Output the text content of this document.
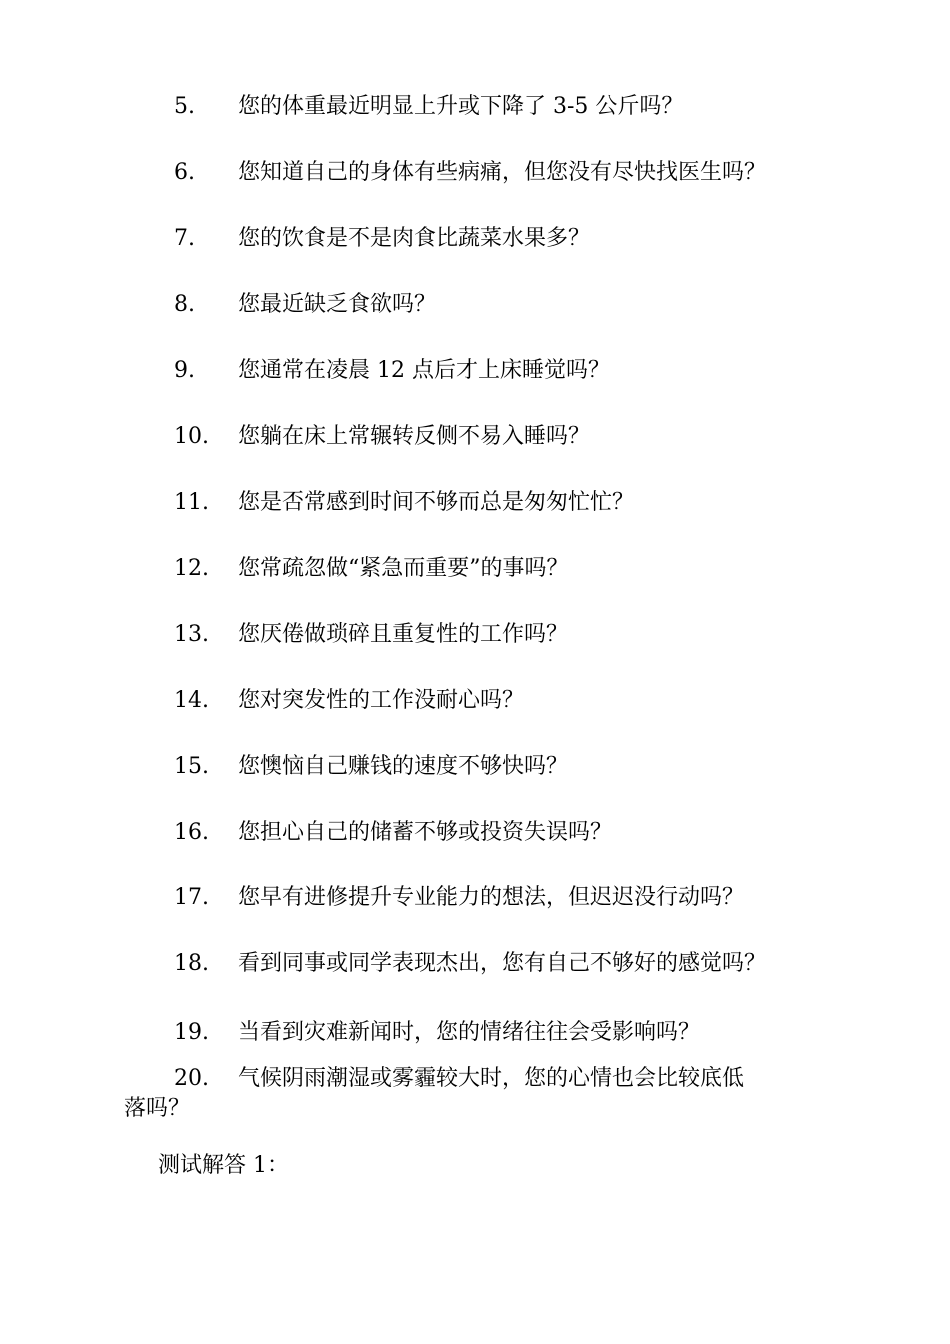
5. 您的体重最近明显上升或下降了 3-5 公斤吗？
6. 您知道自己的身体有些病痛，但您没有尽快找医生吗？
7. 您的饮食是不是肉食比蔬菜水果多？
8. 您最近缺乏食欲吗？
9. 您通常在凌晨 12 点后才上床睡觉吗？
10. 您躺在床上常辗转反侧不易入睡吗？
11. 您是否常感到时间不够而总是匆匆忙忙？
12. 您常疏忽做“紧急而重要”的事吗？
13. 您厌倦做琐碎且重复性的工作吗？
14. 您对突发性的工作没耐心吗？
15. 您懊恼自己赚钱的速度不够快吗？
16. 您担心自己的储蓄不够或投资失误吗？
17. 您早有进修提升专业能力的想法，但迟迟没行动吗？
18. 看到同事或同学表现杰出，您有自己不够好的感觉吗？
19. 当看到灾难新闻时，您的情绪往往会受影响吗？
20. 气候阴雨潮湿或雾霾较大时，您的心情也会比较底低
落吗？
测试解答 1：
